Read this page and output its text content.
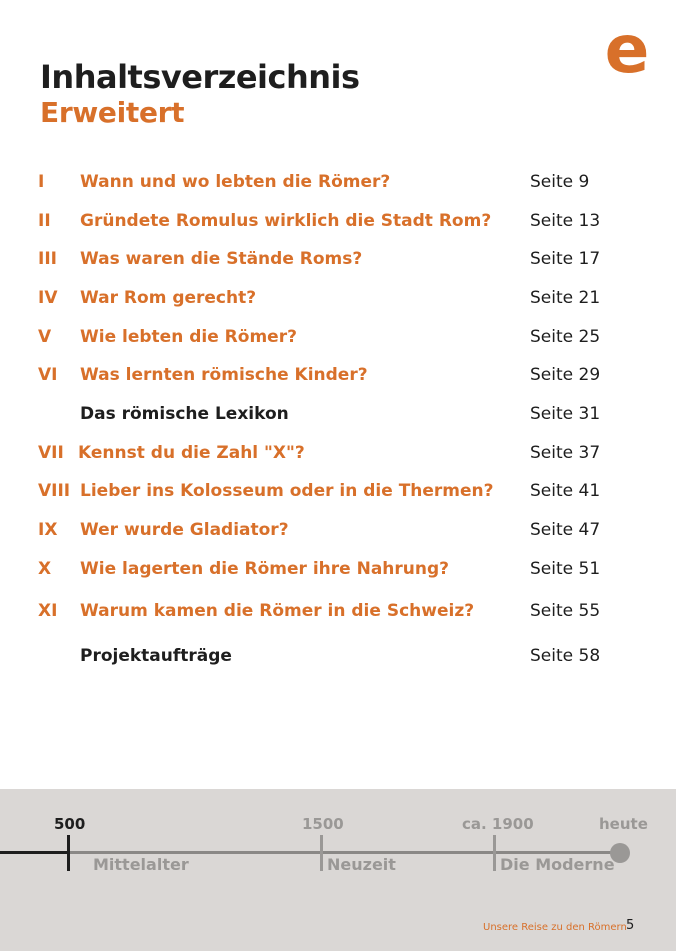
e
Inhaltsverzeichnis
Erweitert
I Wann und wo lebten die Römer?	Seite 9
II Gründete Romulus wirklich die Stadt Rom? Seite 13
III Was waren die Stände Roms?	Seite 17
IV War Rom gerecht?	Seite 21
V Wie lebten die Römer?	Seite 25
VI Was lernten römische Kinder?	Seite 29
Das römische Lexikon	Seite 31
VII Kennst du die Zahl "X"?	Seite 37
VIII Lieber ins Kolosseum oder in die Thermen? Seite 41
IX Wer wurde Gladiator?	Seite 47
X Wie lagerten die Römer ihre Nahrung?	Seite 51
XI Warum kamen die Römer in die Schweiz?	Seite 55
Projektaufträge	Seite 58
500	1500	ca. 1900	heute
Mittelalter	Neuzeit	Die Moderne
Unsere Reise zu den Römern 5
